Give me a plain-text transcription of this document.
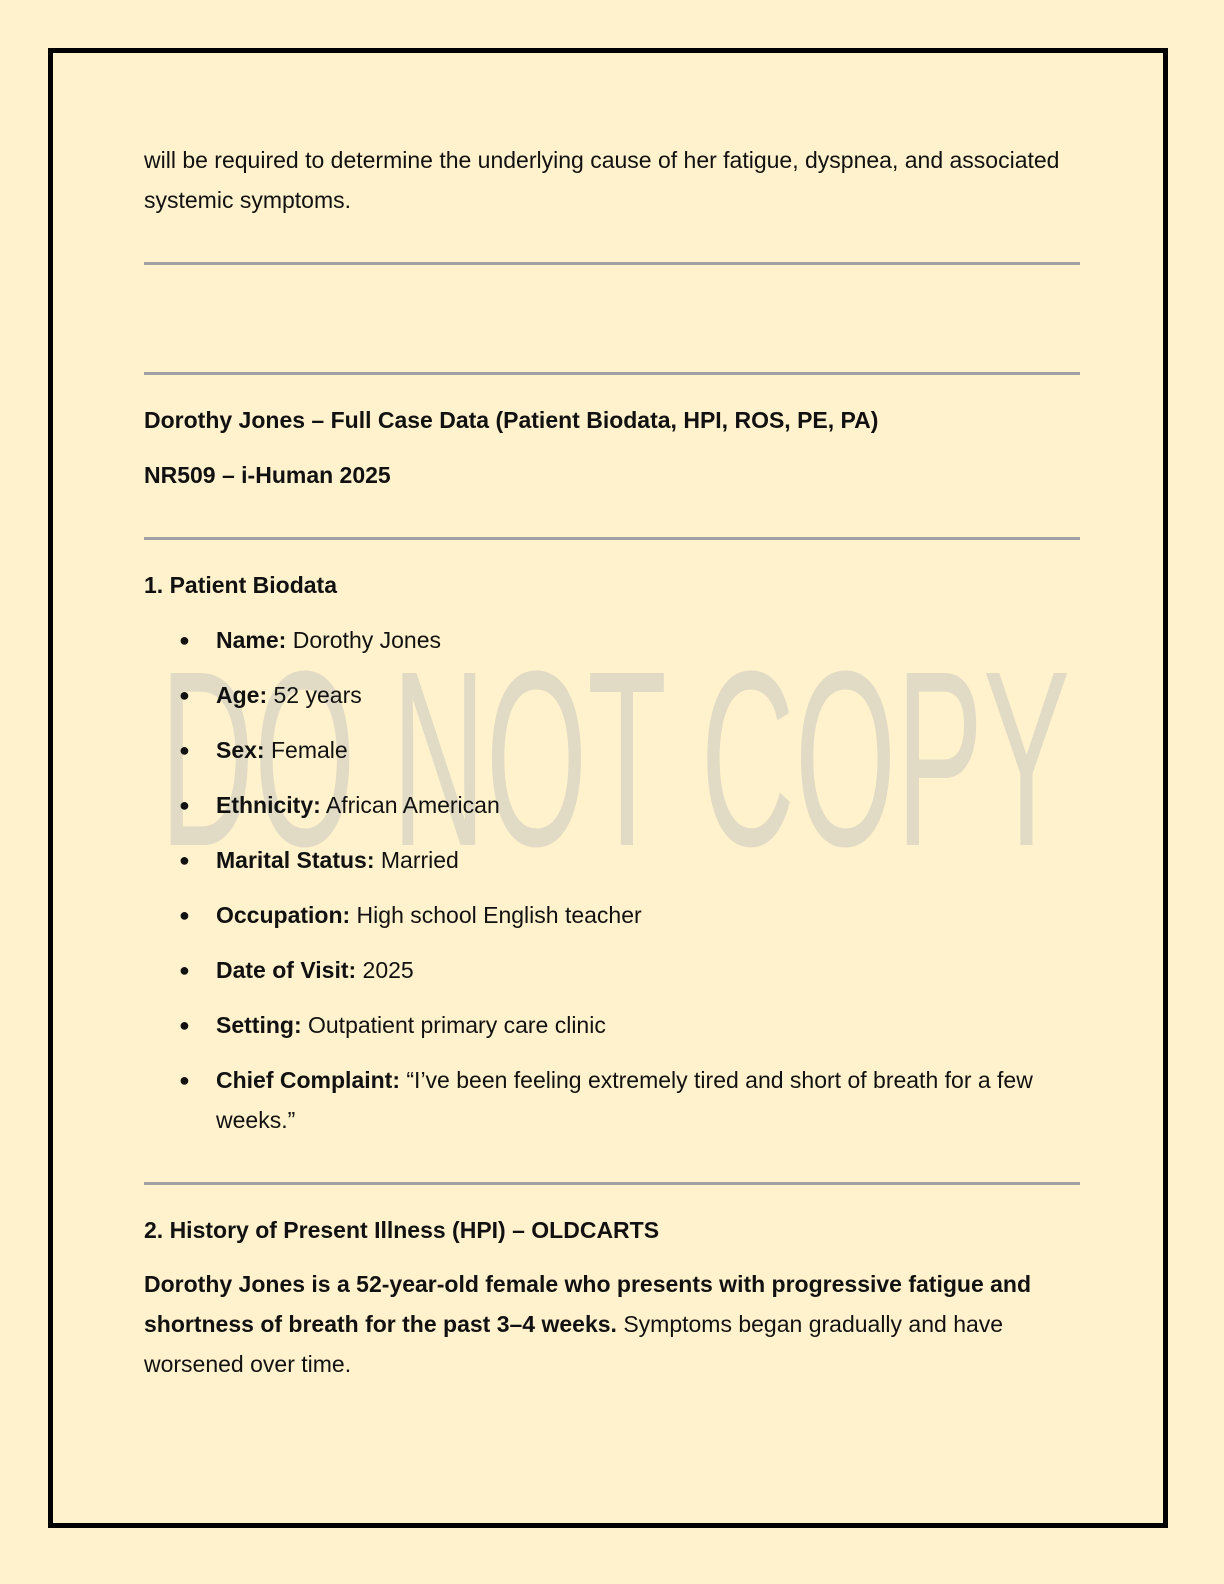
DO NOT COPY

will be required to determine the underlying cause of her fatigue, dyspnea, and associated systemic symptoms.

Dorothy Jones – Full Case Data (Patient Biodata, HPI, ROS, PE, PA)

NR509 – i-Human 2025

1. Patient Biodata

● Name: Dorothy Jones
● Age: 52 years
● Sex: Female
● Ethnicity: African American
● Marital Status: Married
● Occupation: High school English teacher
● Date of Visit: 2025
● Setting: Outpatient primary care clinic
● Chief Complaint: “I’ve been feeling extremely tired and short of breath for a few weeks.”

2. History of Present Illness (HPI) – OLDCARTS

Dorothy Jones is a 52-year-old female who presents with progressive fatigue and shortness of breath for the past 3–4 weeks. Symptoms began gradually and have worsened over time.
